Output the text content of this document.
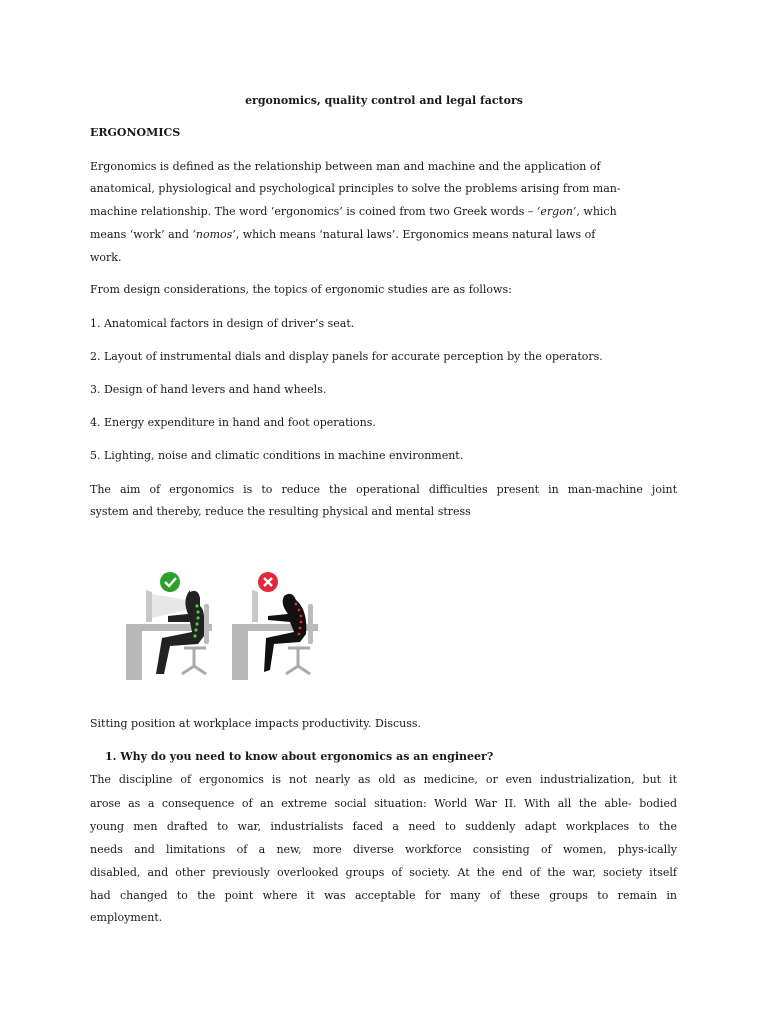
ergonomics, quality control and legal factors
ERGONOMICS
Ergonomics is defined as the relationship between man and machine and the application of
anatomical, physiological and psychological principles to solve the problems arising from man-
machine relationship. The word ‘ergonomics’ is coined from two Greek words – ‘ergon’, which
means ‘work’ and ‘nomos’, which means ‘natural laws’. Ergonomics means natural laws of
work.
From design considerations, the topics of ergonomic studies are as follows:
1. Anatomical factors in design of driver’s seat.
2. Layout of instrumental dials and display panels for accurate perception by the operators.
3. Design of hand levers and hand wheels.
4. Energy expenditure in hand and foot operations.
5. Lighting, noise and climatic conditions in machine environment.
The aim of ergonomics is to reduce the operational difficulties present in man-machine joint
system and thereby, reduce the resulting physical and mental stress
Sitting position at workplace impacts productivity. Discuss.
1. Why do you need to know about ergonomics as an engineer?
The discipline of ergonomics is not nearly as old as medicine, or even industrialization, but it
arose as a consequence of an extreme social situation: World War II. With all the able- bodied
young men drafted to war, industrialists faced a need to suddenly adapt workplaces to the
needs and limitations of a new, more diverse workforce consisting of women, phys-ically
disabled, and other previously overlooked groups of society. At the end of the war, society itself
had changed to the point where it was acceptable for many of these groups to remain in
employment.
